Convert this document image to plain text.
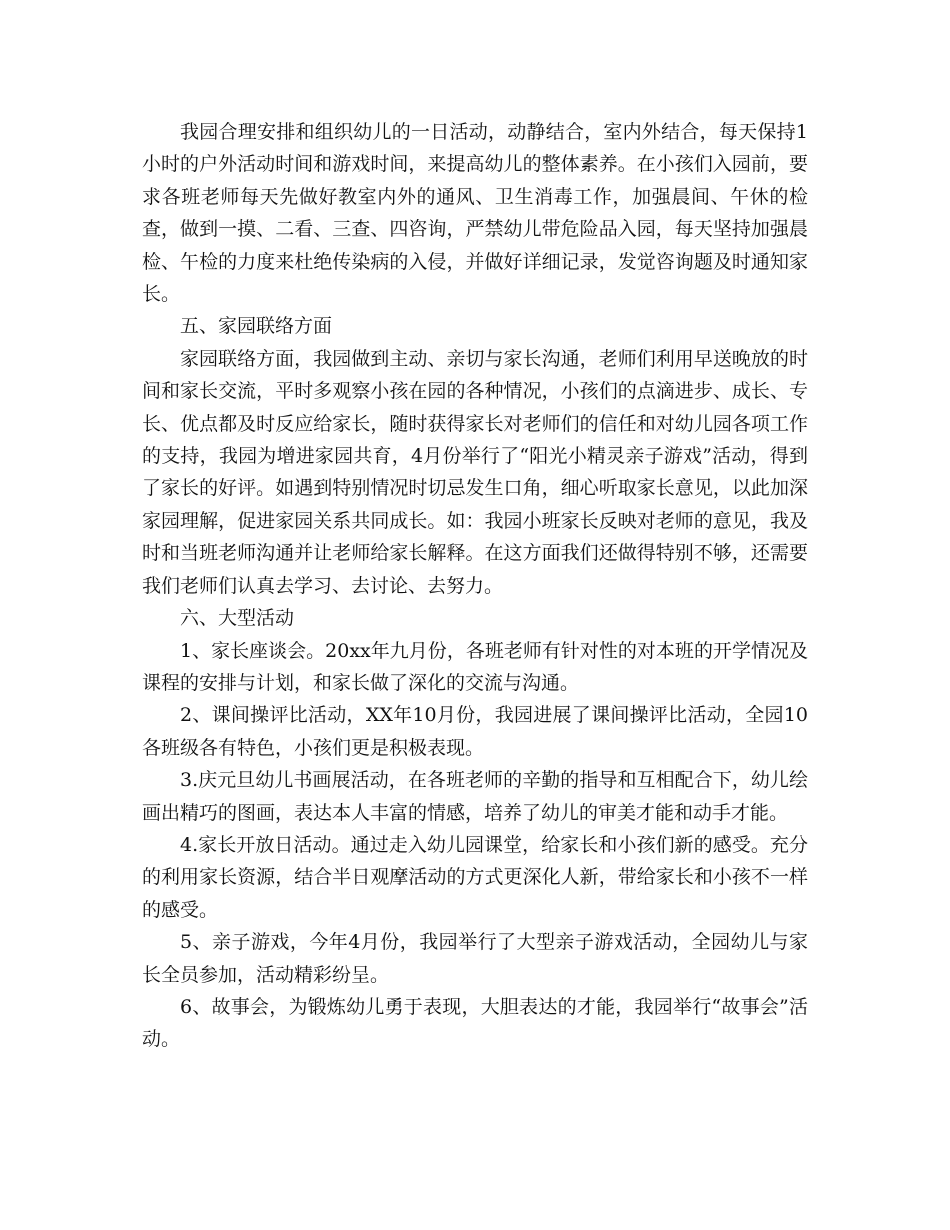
我园合理安排和组织幼儿的一日活动，动静结合，室内外结合，每天保持1小时的户外活动时间和游戏时间，来提高幼儿的整体素养。在小孩们入园前，要求各班老师每天先做好教室内外的通风、卫生消毒工作，加强晨间、午休的检查，做到一摸、二看、三查、四咨询，严禁幼儿带危险品入园，每天坚持加强晨检、午检的力度来杜绝传染病的入侵，并做好详细记录，发觉咨询题及时通知家长。

五、家园联络方面

家园联络方面，我园做到主动、亲切与家长沟通，老师们利用早送晚放的时间和家长交流，平时多观察小孩在园的各种情况，小孩们的点滴进步、成长、专长、优点都及时反应给家长，随时获得家长对老师们的信任和对幼儿园各项工作的支持，我园为增进家园共育，4月份举行了“阳光小精灵亲子游戏”活动，得到了家长的好评。如遇到特别情况时切忌发生口角，细心听取家长意见，以此加深家园理解，促进家园关系共同成长。如：我园小班家长反映对老师的意见，我及时和当班老师沟通并让老师给家长解释。在这方面我们还做得特别不够，还需要我们老师们认真去学习、去讨论、去努力。

六、大型活动

1、家长座谈会。20xx年九月份，各班老师有针对性的对本班的开学情况及课程的安排与计划，和家长做了深化的交流与沟通。

2、课间操评比活动，XX年10月份，我园进展了课间操评比活动，全园10各班级各有特色，小孩们更是积极表现。

3.庆元旦幼儿书画展活动，在各班老师的辛勤的指导和互相配合下，幼儿绘画出精巧的图画，表达本人丰富的情感，培养了幼儿的审美才能和动手才能。

4.家长开放日活动。通过走入幼儿园课堂，给家长和小孩们新的感受。充分的利用家长资源，结合半日观摩活动的方式更深化人新，带给家长和小孩不一样的感受。

5、亲子游戏，今年4月份，我园举行了大型亲子游戏活动，全园幼儿与家长全员参加，活动精彩纷呈。

6、故事会，为锻炼幼儿勇于表现，大胆表达的才能，我园举行“故事会”活动。
